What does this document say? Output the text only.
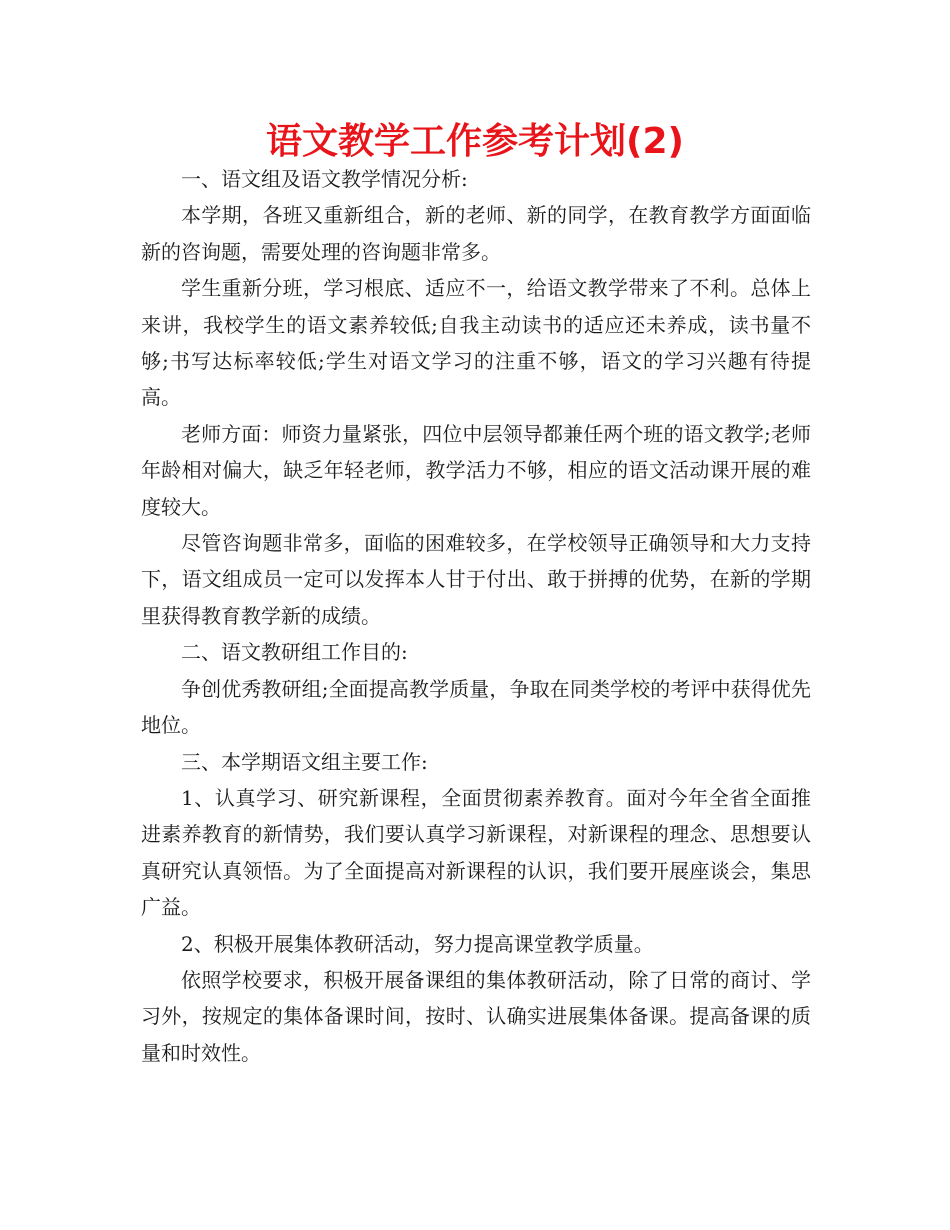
语文教学工作参考计划(2)

一、语文组及语文教学情况分析:

本学期，各班又重新组合，新的老师、新的同学，在教育教学方面面临新的咨询题，需要处理的咨询题非常多。

学生重新分班，学习根底、适应不一，给语文教学带来了不利。总体上来讲，我校学生的语文素养较低;自我主动读书的适应还未养成，读书量不够;书写达标率较低;学生对语文学习的注重不够，语文的学习兴趣有待提高。

老师方面：师资力量紧张，四位中层领导都兼任两个班的语文教学;老师年龄相对偏大，缺乏年轻老师，教学活力不够，相应的语文活动课开展的难度较大。

尽管咨询题非常多，面临的困难较多，在学校领导正确领导和大力支持下，语文组成员一定可以发挥本人甘于付出、敢于拼搏的优势，在新的学期里获得教育教学新的成绩。

二、语文教研组工作目的:

争创优秀教研组;全面提高教学质量，争取在同类学校的考评中获得优先地位。

三、本学期语文组主要工作:

1、认真学习、研究新课程，全面贯彻素养教育。面对今年全省全面推进素养教育的新情势，我们要认真学习新课程，对新课程的理念、思想要认真研究认真领悟。为了全面提高对新课程的认识，我们要开展座谈会，集思广益。

2、积极开展集体教研活动，努力提高课堂教学质量。

依照学校要求，积极开展备课组的集体教研活动，除了日常的商讨、学习外，按规定的集体备课时间，按时、认确实进展集体备课。提高备课的质量和时效性。
